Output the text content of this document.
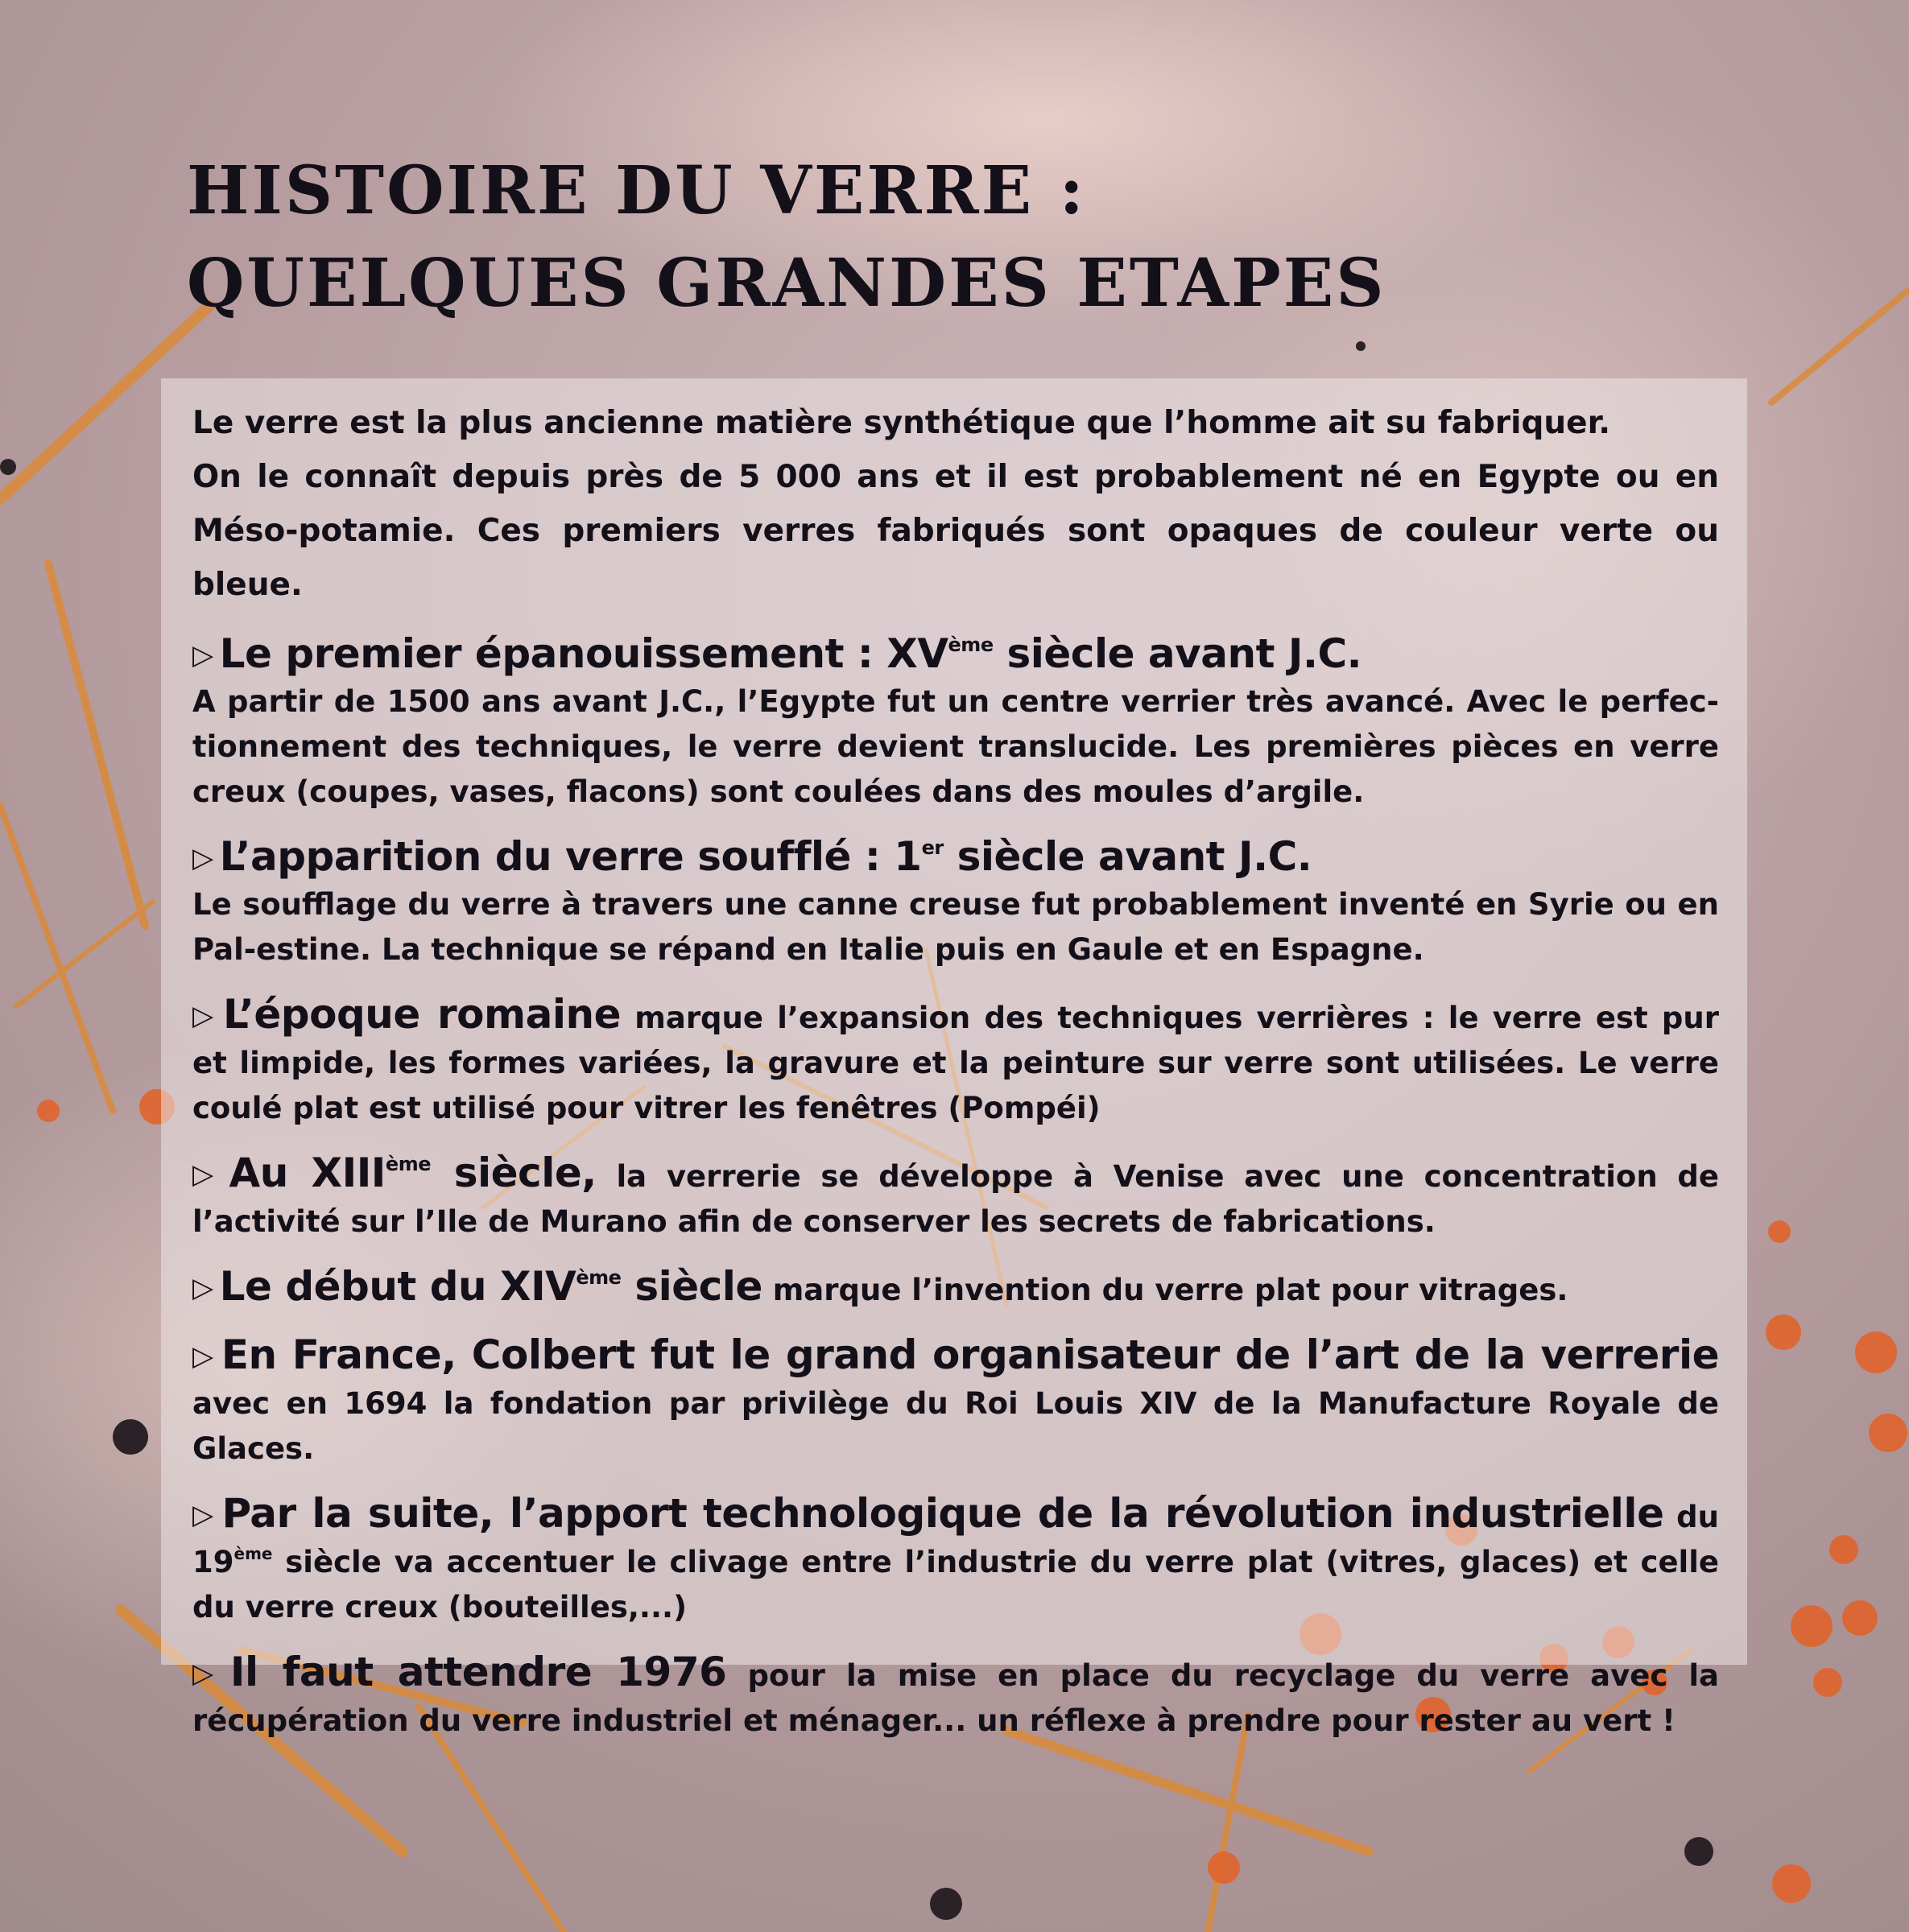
HISTOIRE DU VERRE :
QUELQUES GRANDES ETAPES

Le verre est la plus ancienne matière synthétique que l’homme ait su fabriquer.

On le connaît depuis près de 5 000 ans et il est probablement né en Egypte ou en Méso-potamie. Ces premiers verres fabriqués sont opaques de couleur verte ou bleue.

▷ Le premier épanouissement : XVème siècle avant J.C.

A partir de 1500 ans avant J.C., l’Egypte fut un centre verrier très avancé. Avec le perfec-tionnement des techniques, le verre devient translucide. Les premières pièces en verre creux (coupes, vases, flacons) sont coulées dans des moules d’argile.

▷ L’apparition du verre soufflé : 1er siècle avant J.C.

Le soufflage du verre à travers une canne creuse fut probablement inventé en Syrie ou en Pal-estine. La technique se répand en Italie puis en Gaule et en Espagne.

▷ L’époque romaine marque l’expansion des techniques verrières : le verre est pur et limpide, les formes variées, la gravure et la peinture sur verre sont utilisées. Le verre coulé plat est utilisé pour vitrer les fenêtres (Pompéi)

▷ Au XIIIème siècle, la verrerie se développe à Venise avec une concentration de l’activité sur l’Ile de Murano afin de conserver les secrets de fabrications.

▷ Le début du XIVème siècle marque l’invention du verre plat pour vitrages.

▷ En France, Colbert fut le grand organisateur de l’art de la verrerie avec en 1694 la fondation par privilège du Roi Louis XIV de la Manufacture Royale de Glaces.

▷ Par la suite, l’apport technologique de la révolution industrielle du 19ème siècle va accentuer le clivage entre l’industrie du verre plat (vitres, glaces) et celle du verre creux (bouteilles,...)

▷ Il faut attendre 1976 pour la mise en place du recyclage du verre avec la récupération du verre industriel et ménager... un réflexe à prendre pour rester au vert !
